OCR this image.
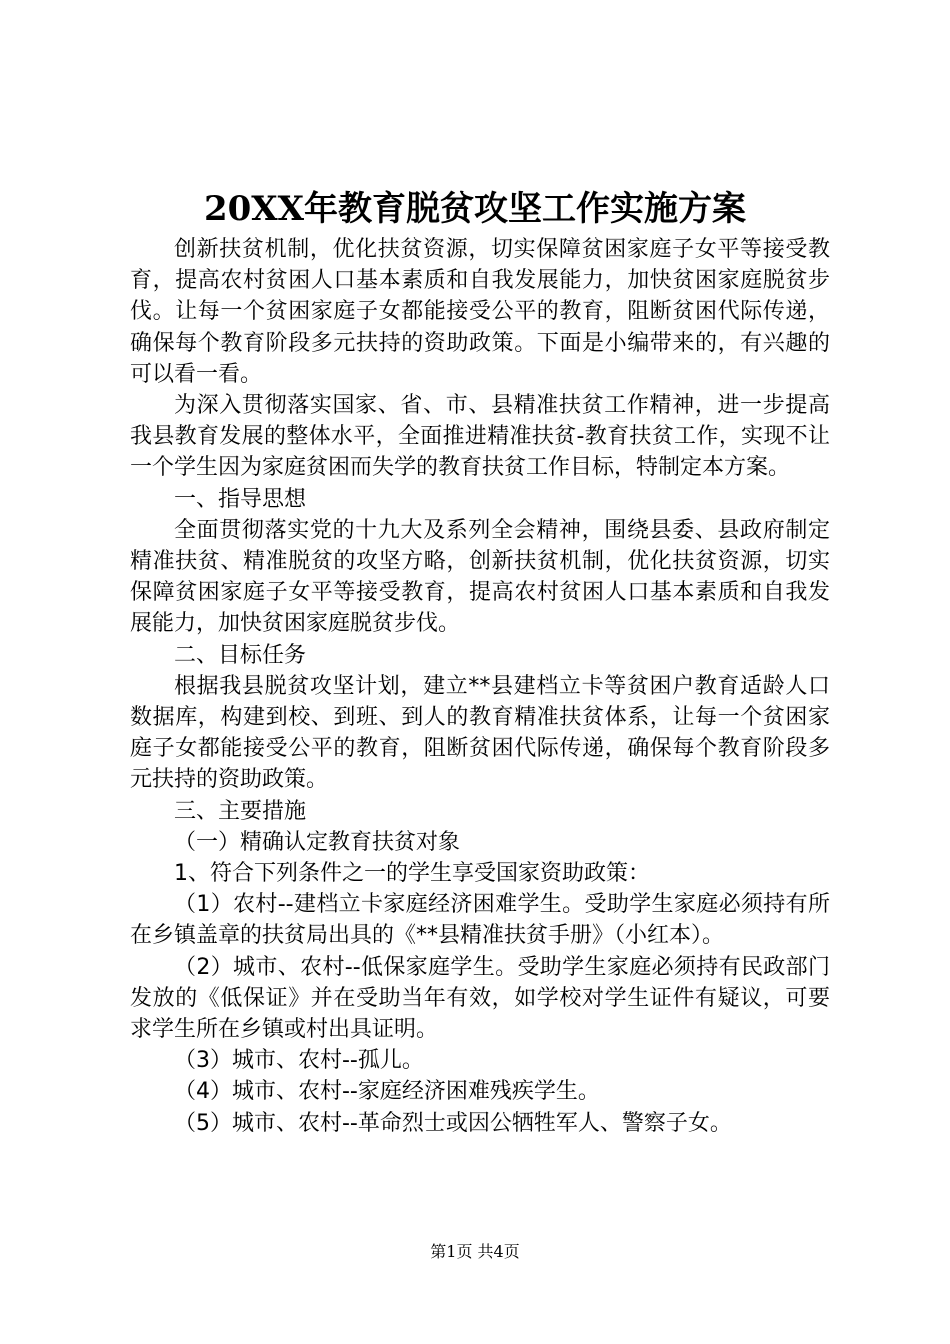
20XX年教育脱贫攻坚工作实施方案

创新扶贫机制，优化扶贫资源，切实保障贫困家庭子女平等接受教育，提高农村贫困人口基本素质和自我发展能力，加快贫困家庭脱贫步伐。让每一个贫困家庭子女都能接受公平的教育，阻断贫困代际传递，确保每个教育阶段多元扶持的资助政策。下面是小编带来的，有兴趣的可以看一看。

为深入贯彻落实国家、省、市、县精准扶贫工作精神，进一步提高我县教育发展的整体水平，全面推进精准扶贫-教育扶贫工作，实现不让一个学生因为家庭贫困而失学的教育扶贫工作目标，特制定本方案。

一、指导思想

全面贯彻落实党的十九大及系列全会精神，围绕县委、县政府制定精准扶贫、精准脱贫的攻坚方略，创新扶贫机制，优化扶贫资源，切实保障贫困家庭子女平等接受教育，提高农村贫困人口基本素质和自我发展能力，加快贫困家庭脱贫步伐。

二、目标任务

根据我县脱贫攻坚计划，建立**县建档立卡等贫困户教育适龄人口数据库，构建到校、到班、到人的教育精准扶贫体系，让每一个贫困家庭子女都能接受公平的教育，阻断贫困代际传递，确保每个教育阶段多元扶持的资助政策。

三、主要措施

（一）精确认定教育扶贫对象

1、符合下列条件之一的学生享受国家资助政策：

（1）农村--建档立卡家庭经济困难学生。受助学生家庭必须持有所在乡镇盖章的扶贫局出具的《**县精准扶贫手册》（小红本）。

（2）城市、农村--低保家庭学生。受助学生家庭必须持有民政部门发放的《低保证》并在受助当年有效，如学校对学生证件有疑议，可要求学生所在乡镇或村出具证明。

（3）城市、农村--孤儿。

（4）城市、农村--家庭经济困难残疾学生。

（5）城市、农村--革命烈士或因公牺牲军人、警察子女。

第1页 共4页
